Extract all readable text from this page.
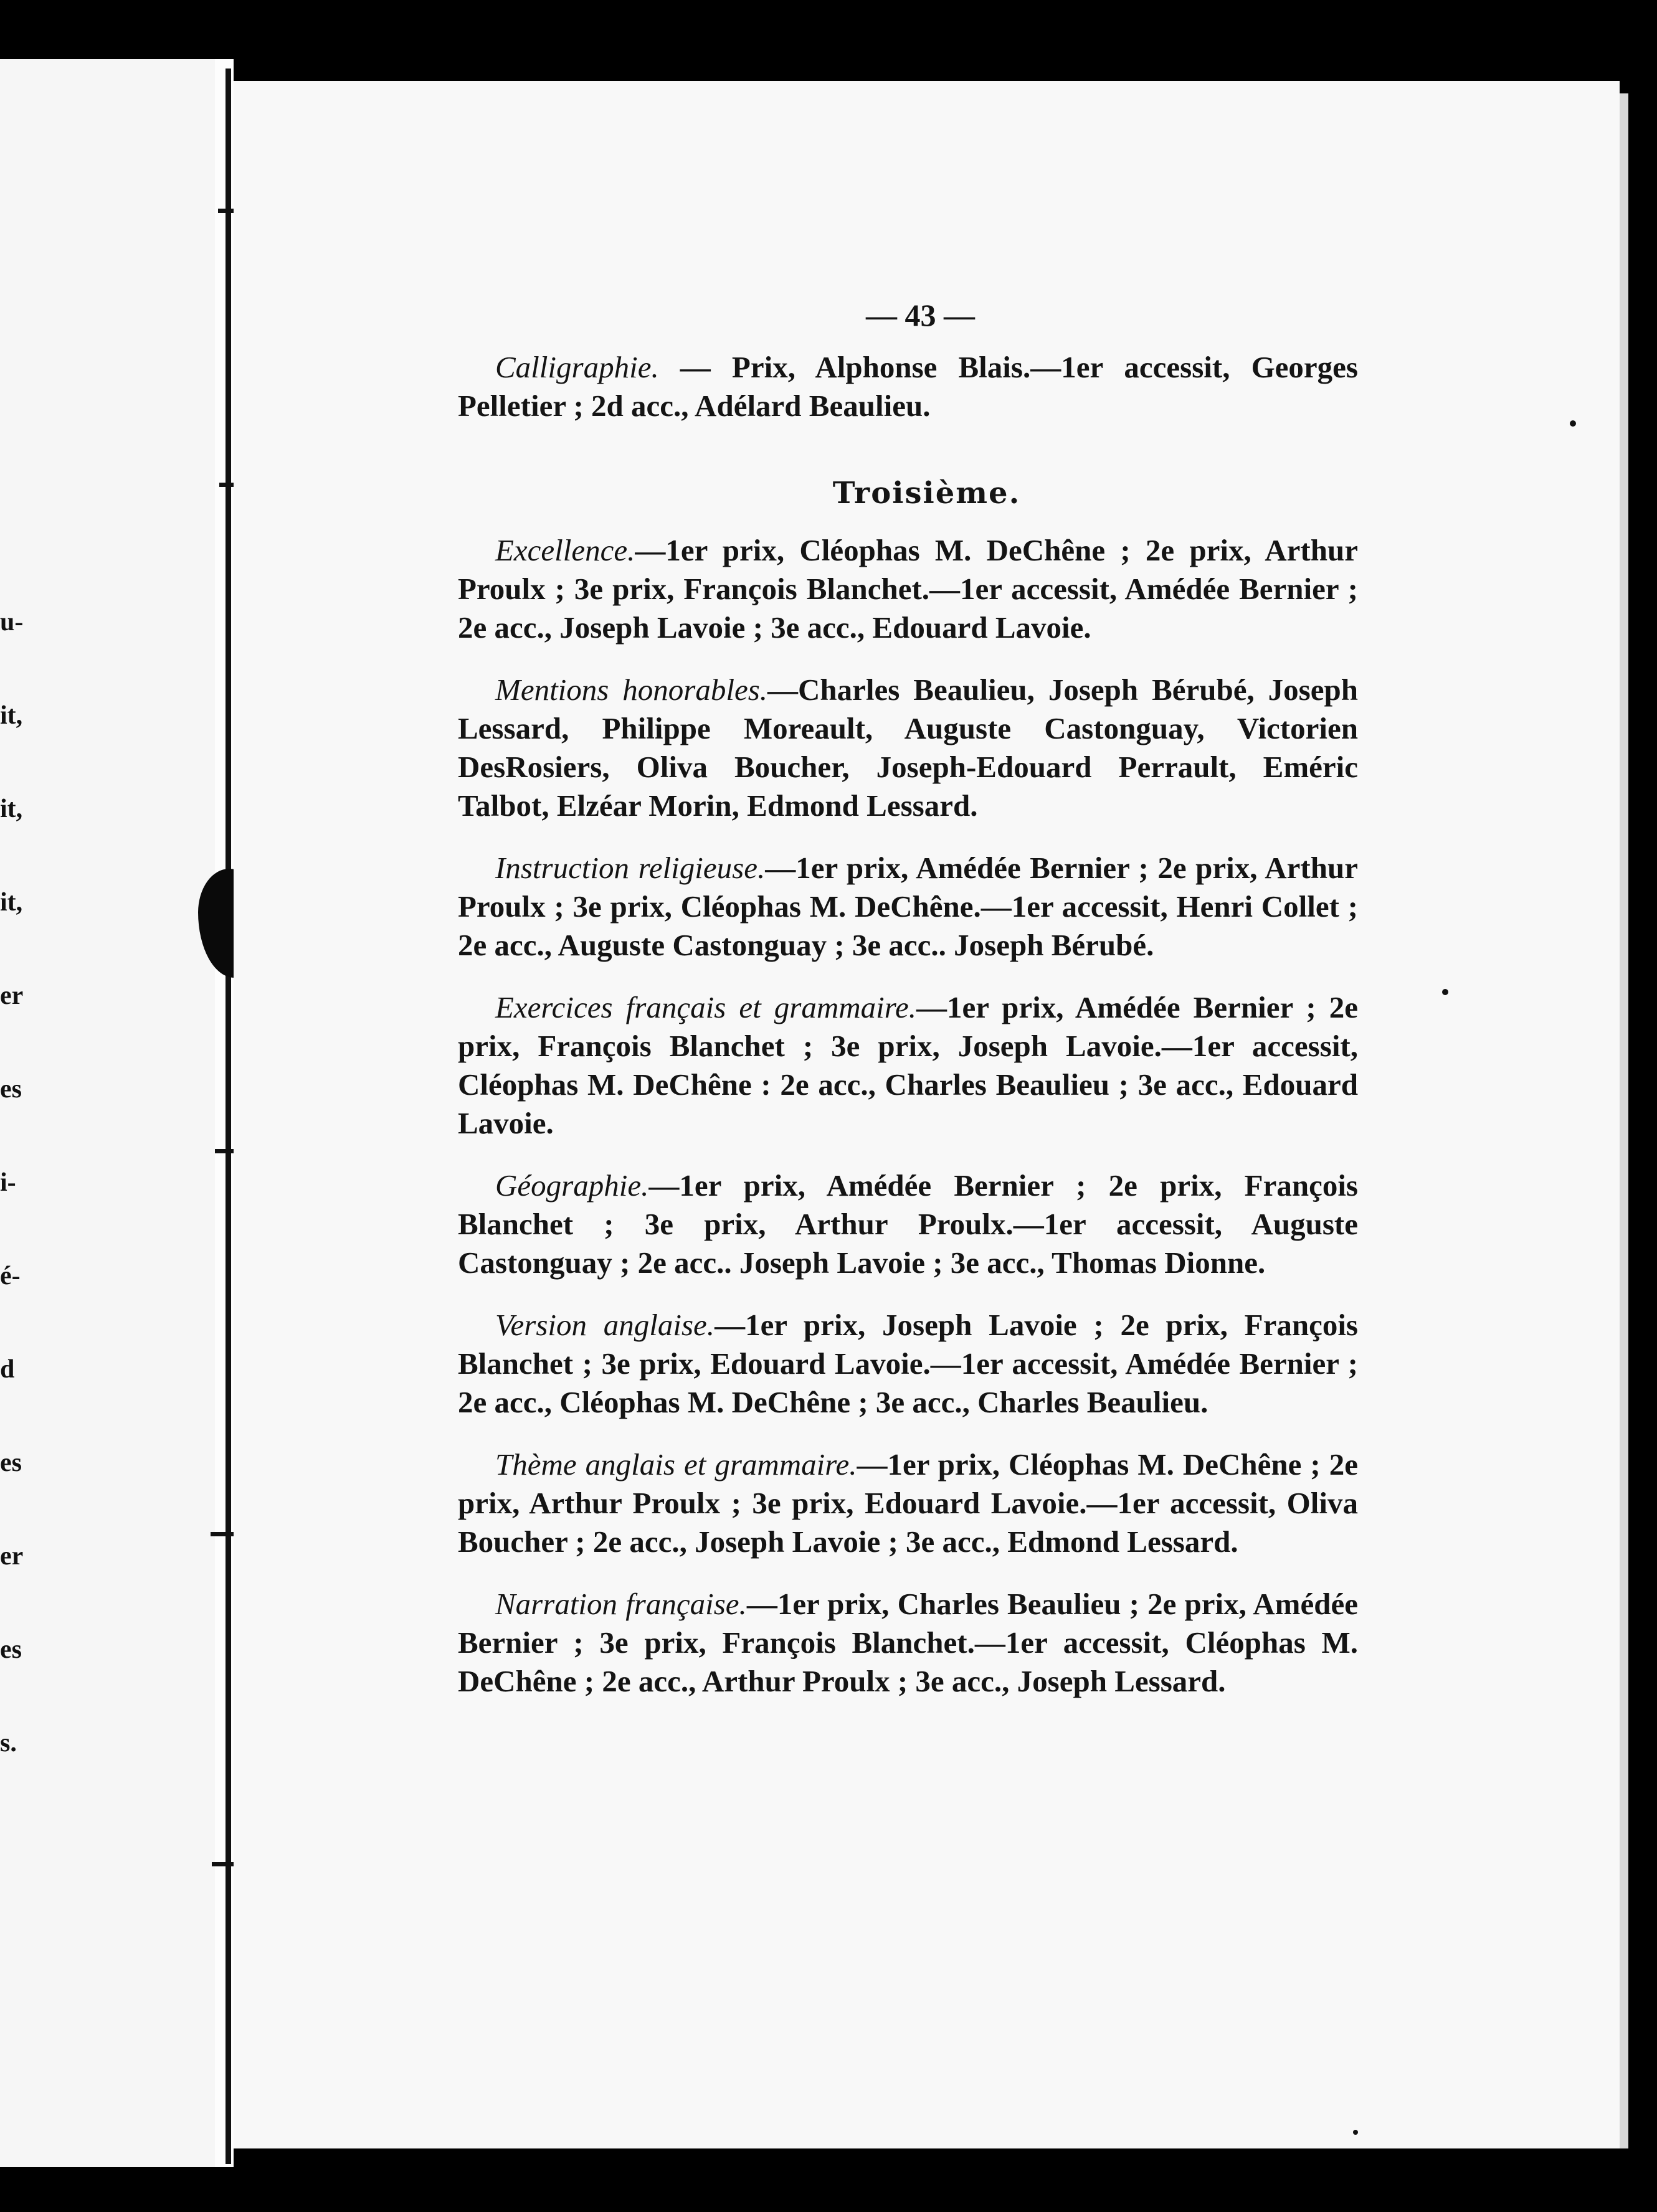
u-
it,
it,
it,
er
es
i-
é-
d
es
er
es
s.
— 43 —

Calligraphie. — Prix, Alphonse Blais.—1er accessit, Georges Pelletier ; 2d acc., Adélard Beaulieu.

Troisième.

Excellence.—1er prix, Cléophas M. DeChêne ; 2e prix, Arthur Proulx ; 3e prix, François Blanchet.—1er accessit, Amédée Bernier ; 2e acc., Joseph Lavoie ; 3e acc., Edouard Lavoie.

Mentions honorables.—Charles Beaulieu, Joseph Bérubé, Joseph Lessard, Philippe Moreault, Auguste Castonguay, Victorien DesRosiers, Oliva Boucher, Joseph-Edouard Perrault, Eméric Talbot, Elzéar Morin, Edmond Lessard.

Instruction religieuse.—1er prix, Amédée Bernier ; 2e prix, Arthur Proulx ; 3e prix, Cléophas M. DeChêne.—1er accessit, Henri Collet ; 2e acc., Auguste Castonguay ; 3e acc.. Joseph Bérubé.

Exercices français et grammaire.—1er prix, Amédée Bernier ; 2e prix, François Blanchet ; 3e prix, Joseph Lavoie.—1er accessit, Cléophas M. DeChêne : 2e acc., Charles Beaulieu ; 3e acc., Edouard Lavoie.

Géographie.—1er prix, Amédée Bernier ; 2e prix, François Blanchet ; 3e prix, Arthur Proulx.—1er accessit, Auguste Castonguay ; 2e acc.. Joseph Lavoie ; 3e acc., Thomas Dionne.

Version anglaise.—1er prix, Joseph Lavoie ; 2e prix, François Blanchet ; 3e prix, Edouard Lavoie.—1er accessit, Amédée Bernier ; 2e acc., Cléophas M. DeChêne ; 3e acc., Charles Beaulieu.

Thème anglais et grammaire.—1er prix, Cléophas M. DeChêne ; 2e prix, Arthur Proulx ; 3e prix, Edouard Lavoie.—1er accessit, Oliva Boucher ; 2e acc., Joseph Lavoie ; 3e acc., Edmond Lessard.

Narration française.—1er prix, Charles Beaulieu ; 2e prix, Amédée Bernier ; 3e prix, François Blanchet.—1er accessit, Cléophas M. DeChêne ; 2e acc., Arthur Proulx ; 3e acc., Joseph Lessard.
